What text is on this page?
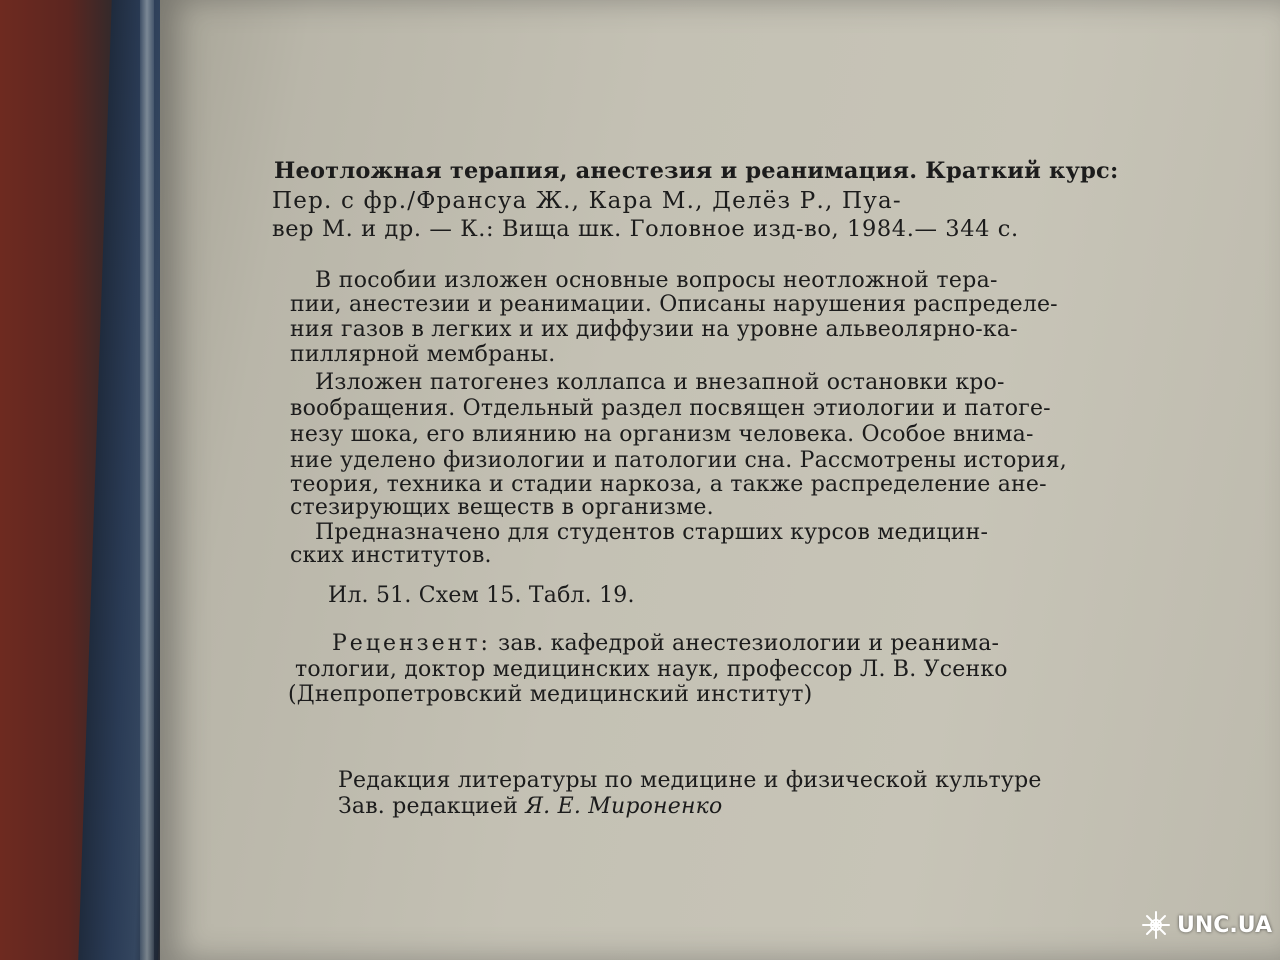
Неотложная терапия, анестезия и реанимация. Краткий курс:
Пер. с фр./Франсуа Ж., Кара М., Делёз Р., Пуа-
вер М. и др. — К.: Вища шк. Головное изд-во, 1984.— 344 с.
В пособии изложен основные вопросы неотложной тера-
пии, анестезии и реанимации. Описаны нарушения распределе-
ния газов в легких и их диффузии на уровне альвеолярно-ка-
пиллярной мембраны.
Изложен патогенез коллапса и внезапной остановки кро-
вообращения. Отдельный раздел посвящен этиологии и патоге-
незу шока, его влиянию на организм человека. Особое внима-
ние уделено физиологии и патологии сна. Рассмотрены история,
теория, техника и стадии наркоза, а также распределение ане-
стезирующих веществ в организме.
Предназначено для студентов старших курсов медицин-
ских институтов.
Ил. 51. Схем 15. Табл. 19.
Рецензент: зав. кафедрой анестезиологии и реанима-
тологии, доктор медицинских наук, профессор Л. В. Усенко
(Днепропетровский медицинский институт)
Редакция литературы по медицине и физической культуре
Зав. редакцией Я. Е. Мироненко
UNC.UA
